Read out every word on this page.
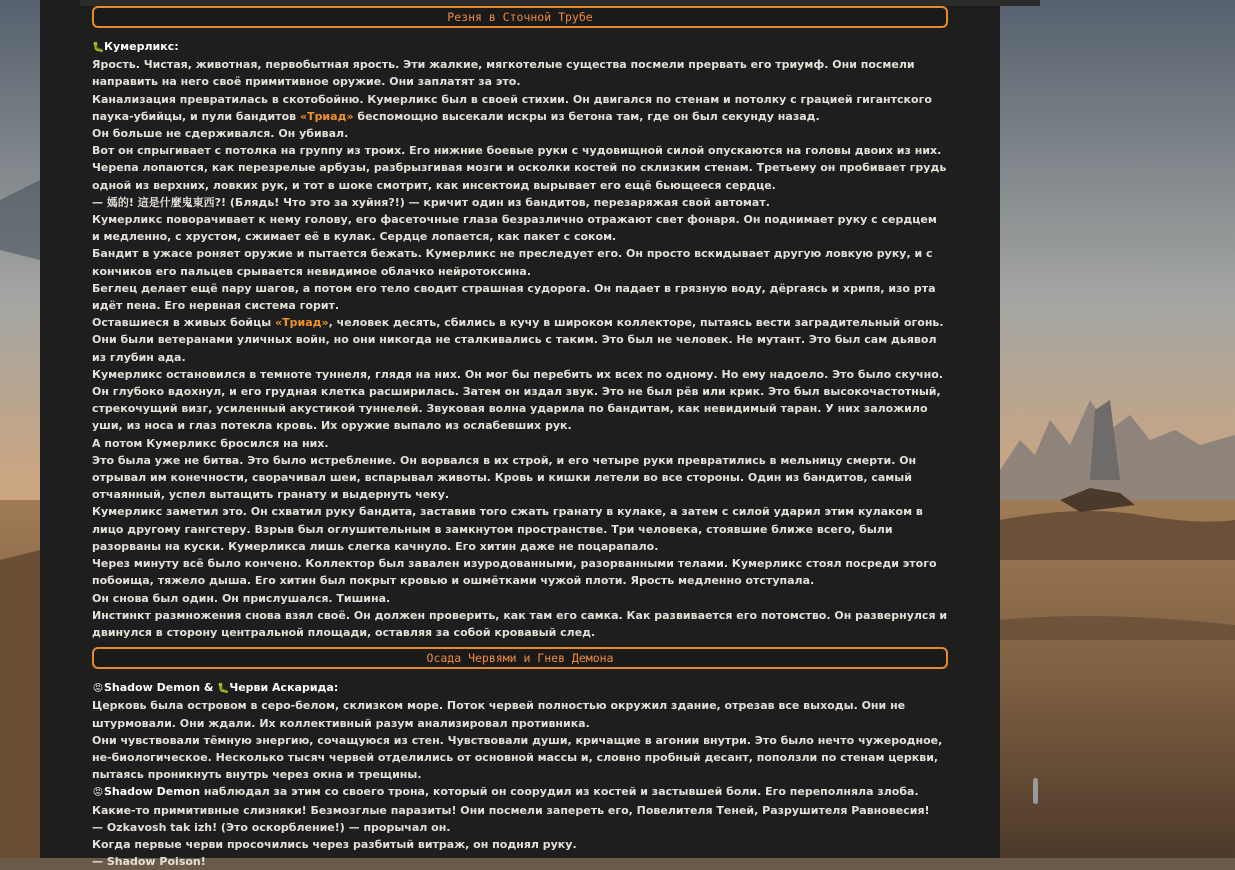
Резня в Сточной Трубе

🐛Кумерликс:

Ярость. Чистая, животная, первобытная ярость. Эти жалкие, мягкотелые существа посмели прервать его триумф. Они посмели направить на него своё примитивное оружие. Они заплатят за это.

Канализация превратилась в скотобойню. Кумерликс был в своей стихии. Он двигался по стенам и потолку с грацией гигантского паука-убийцы, и пули бандитов «Триад» беспомощно высекали искры из бетона там, где он был секунду назад.

Он больше не сдерживался. Он убивал.

Вот он спрыгивает с потолка на группу из троих. Его нижние боевые руки с чудовищной силой опускаются на головы двоих из них. Черепа лопаются, как перезрелые арбузы, разбрызгивая мозги и осколки костей по склизким стенам. Третьему он пробивает грудь одной из верхних, ловких рук, и тот в шоке смотрит, как инсектоид вырывает его ещё бьющееся сердце.

— 媽的! 這是什麼鬼東西?! (Блядь! Что это за хуйня?!) — кричит один из бандитов, перезаряжая свой автомат.

Кумерликс поворачивает к нему голову, его фасеточные глаза безразлично отражают свет фонаря. Он поднимает руку с сердцем и медленно, с хрустом, сжимает её в кулак. Сердце лопается, как пакет с соком.

Бандит в ужасе роняет оружие и пытается бежать. Кумерликс не преследует его. Он просто вскидывает другую ловкую руку, и с кончиков его пальцев срывается невидимое облачко нейротоксина.

Беглец делает ещё пару шагов, а потом его тело сводит страшная судорога. Он падает в грязную воду, дёргаясь и хрипя, изо рта идёт пена. Его нервная система горит.

Оставшиеся в живых бойцы «Триад», человек десять, сбились в кучу в широком коллекторе, пытаясь вести заградительный огонь. Они были ветеранами уличных войн, но они никогда не сталкивались с таким. Это был не человек. Не мутант. Это был сам дьявол из глубин ада.

Кумерликс остановился в темноте туннеля, глядя на них. Он мог бы перебить их всех по одному. Но ему надоело. Это было скучно.

Он глубоко вдохнул, и его грудная клетка расширилась. Затем он издал звук. Это не был рёв или крик. Это был высокочастотный, стрекочущий визг, усиленный акустикой туннелей. Звуковая волна ударила по бандитам, как невидимый таран. У них заложило уши, из носа и глаз потекла кровь. Их оружие выпало из ослабевших рук.

А потом Кумерликс бросился на них.

Это была уже не битва. Это было истребление. Он ворвался в их строй, и его четыре руки превратились в мельницу смерти. Он отрывал им конечности, сворачивал шеи, вспарывал животы. Кровь и кишки летели во все стороны. Один из бандитов, самый отчаянный, успел вытащить гранату и выдернуть чеку.

Кумерликс заметил это. Он схватил руку бандита, заставив того сжать гранату в кулаке, а затем с силой ударил этим кулаком в лицо другому гангстеру. Взрыв был оглушительным в замкнутом пространстве. Три человека, стоявшие ближе всего, были разорваны на куски. Кумерликса лишь слегка качнуло. Его хитин даже не поцарапало.

Через минуту всё было кончено. Коллектор был завален изуродованными, разорванными телами. Кумерликс стоял посреди этого побоища, тяжело дыша. Его хитин был покрыт кровью и ошмётками чужой плоти. Ярость медленно отступала.

Он снова был один. Он прислушался. Тишина.

Инстинкт размножения снова взял своё. Он должен проверить, как там его самка. Как развивается его потомство. Он развернулся и двинулся в сторону центральной площади, оставляя за собой кровавый след.

Осада Червями и Гнев Демона

😡Shadow Demon & 🐛Черви Аскарида:

Церковь была островом в серо-белом, склизком море. Поток червей полностью окружил здание, отрезав все выходы. Они не штурмовали. Они ждали. Их коллективный разум анализировал противника.

Они чувствовали тёмную энергию, сочащуюся из стен. Чувствовали души, кричащие в агонии внутри. Это было нечто чужеродное, не-биологическое. Несколько тысяч червей отделились от основной массы и, словно пробный десант, поползли по стенам церкви, пытаясь проникнуть внутрь через окна и трещины.

😡Shadow Demon наблюдал за этим со своего трона, который он соорудил из костей и застывшей боли. Его переполняла злоба. Какие-то примитивные слизняки! Безмозглые паразиты! Они посмели запереть его, Повелителя Теней, Разрушителя Равновесия!

— Ozkavosh tak izh! (Это оскорбление!) — прорычал он.

Когда первые черви просочились через разбитый витраж, он поднял руку.

— Shadow Poison!
